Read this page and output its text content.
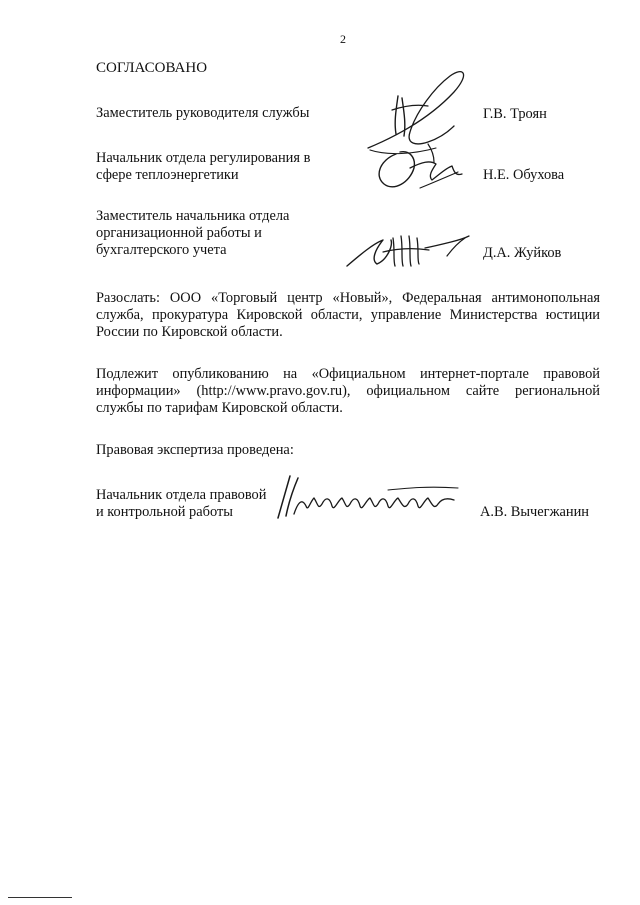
2
СОГЛАСОВАНО
Заместитель руководителя службы	Г.В. Троян
Начальник отдела регулирования в сфере теплоэнергетики	Н.Е. Обухова
Заместитель начальника отдела организационной работы и бухгалтерского учета	Д.А. Жуйков
Разослать: ООО «Торговый центр «Новый», Федеральная антимонопольная служба, прокуратура Кировской области, управление Министерства юстиции России по Кировской области.
Подлежит опубликованию на «Официальном интернет-портале правовой информации» (http://www.pravo.gov.ru), официальном сайте региональной службы по тарифам Кировской области.
Правовая экспертиза проведена:
Начальник отдела правовой и контрольной работы	А.В. Вычегжанин
